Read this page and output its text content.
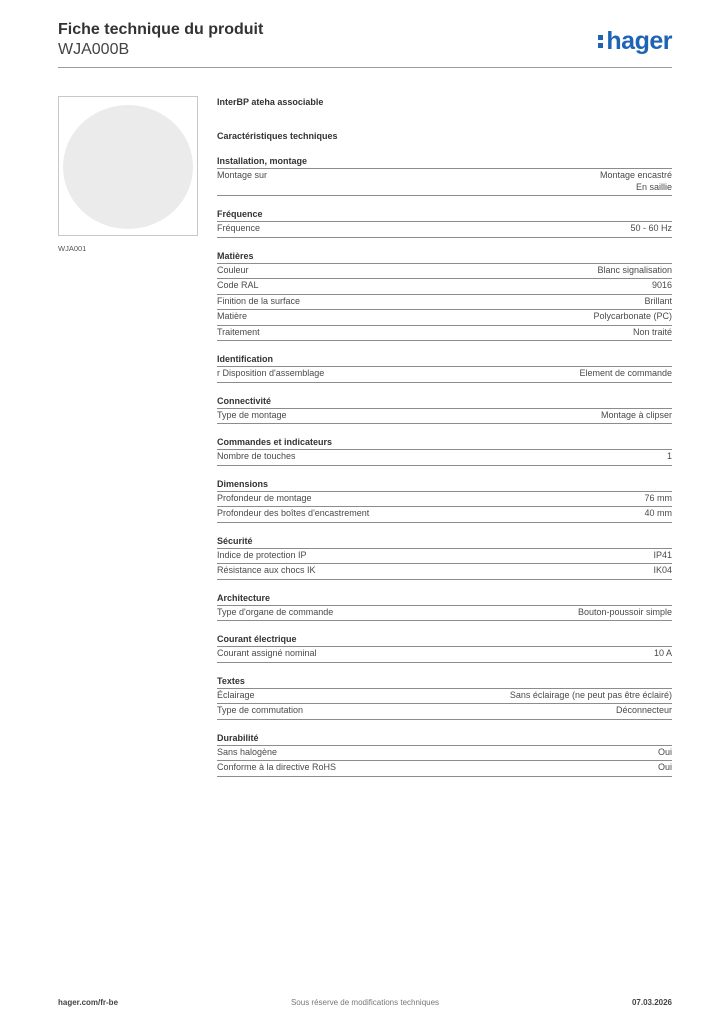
Fiche technique du produit
WJA000B	hager
WJA001
InterBP ateha associable
Caractéristiques techniques
Installation, montage
Montage sur	Montage encastré
En saillie
Fréquence
Fréquence	50 - 60 Hz
Matières
Couleur	Blanc signalisation
Code RAL	9016
Finition de la surface	Brillant
Matière	Polycarbonate (PC)
Traitement	Non traité
Identification
r Disposition d'assemblage	Element de commande
Connectivité
Type de montage	Montage à clipser
Commandes et indicateurs
Nombre de touches	1
Dimensions
Profondeur de montage	76 mm
Profondeur des boîtes d'encastrement	40 mm
Sécurité
Indice de protection IP	IP41
Résistance aux chocs IK	IK04
Architecture
Type d'organe de commande	Bouton-poussoir simple
Courant électrique
Courant assigné nominal	10 A
Textes
Éclairage	Sans éclairage (ne peut pas être éclairé)
Type de commutation	Déconnecteur
Durabilité
Sans halogène	Oui
Conforme à la directive RoHS	Oui
hager.com/fr-be	Sous réserve de modifications techniques	07.03.2026
